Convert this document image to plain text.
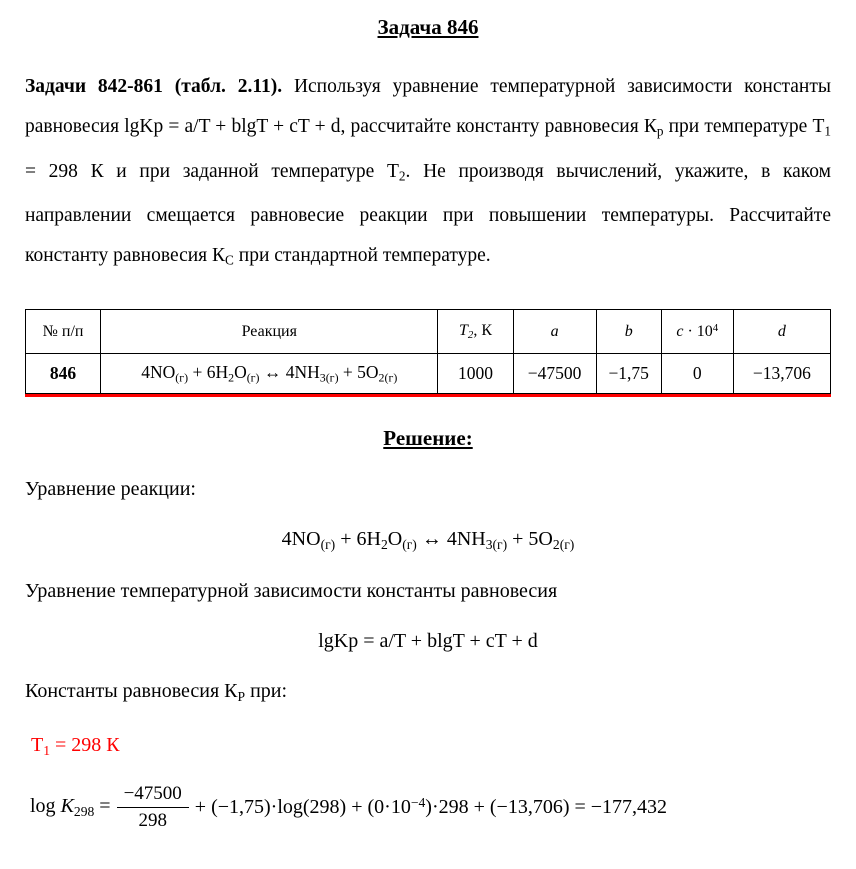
Задача 846

Задачи 842-861 (табл. 2.11). Используя уравнение температурной зависимости константы равновесия lgKp = a/T + blgT + cT + d, рассчитайте константу равновесия $К_р$ при температуре $Т_1 = 298$ К и при заданной температуре $Т_2$. Не производя вычислений, укажите, в каком направлении смещается равновесие реакции при повышении температуры. Рассчитайте константу равновесия $К_С$ при стандартной температуре.

№ п/п	Реакция	$T_2$, К	a	b	$c \cdot 10^4$	d
846	$4NO_{(г)} + 6H_2O_{(г)}$ ↔ $4NH_{3(г)} + 5O_{2(г)}$	1000	−47500	−1,75	0	−13,706
Решение:

Уравнение реакции:

$4NO_{(г)} + 6H_2O_{(г)}$ ↔ $4NH_{3(г)} + 5O_{2(г)}$

Уравнение температурной зависимости константы равновесия

lgKp = a/T + blgT + cT + d

Константы равновесия $К_Р$ при:

$Т_1 = 298$ К

$\log K_{298} = \frac{-47500}{298} + (-1,75)\cdot\log(298) + (0\cdot 10^{-4})\cdot 298 + (-13,706) = -177,432$
